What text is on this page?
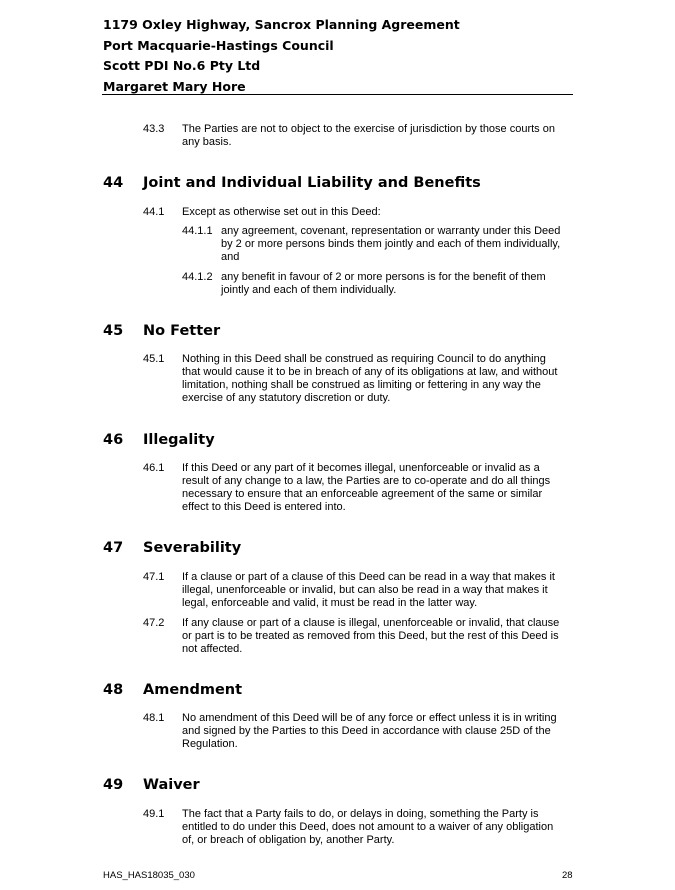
1179 Oxley Highway, Sancrox Planning Agreement
Port Macquarie-Hastings Council
Scott PDI No.6 Pty Ltd
Margaret Mary Hore
43.3 The Parties are not to object to the exercise of jurisdiction by those courts on
any basis.
44 Joint and Individual Liability and Benefits
44.1 Except as otherwise set out in this Deed:
44.1.1 any agreement, covenant, representation or warranty under this Deed
by 2 or more persons binds them jointly and each of them individually,
and
44.1.2 any benefit in favour of 2 or more persons is for the benefit of them
jointly and each of them individually.
45 No Fetter
45.1 Nothing in this Deed shall be construed as requiring Council to do anything
that would cause it to be in breach of any of its obligations at law, and without
limitation, nothing shall be construed as limiting or fettering in any way the
exercise of any statutory discretion or duty.
46 Illegality
46.1 If this Deed or any part of it becomes illegal, unenforceable or invalid as a
result of any change to a law, the Parties are to co-operate and do all things
necessary to ensure that an enforceable agreement of the same or similar
effect to this Deed is entered into.
47 Severability
47.1 If a clause or part of a clause of this Deed can be read in a way that makes it
illegal, unenforceable or invalid, but can also be read in a way that makes it
legal, enforceable and valid, it must be read in the latter way.
47.2 If any clause or part of a clause is illegal, unenforceable or invalid, that clause
or part is to be treated as removed from this Deed, but the rest of this Deed is
not affected.
48 Amendment
48.1 No amendment of this Deed will be of any force or effect unless it is in writing
and signed by the Parties to this Deed in accordance with clause 25D of the
Regulation.
49 Waiver
49.1 The fact that a Party fails to do, or delays in doing, something the Party is
entitled to do under this Deed, does not amount to a waiver of any obligation
of, or breach of obligation by, another Party.
HAS_HAS18035_030	28
